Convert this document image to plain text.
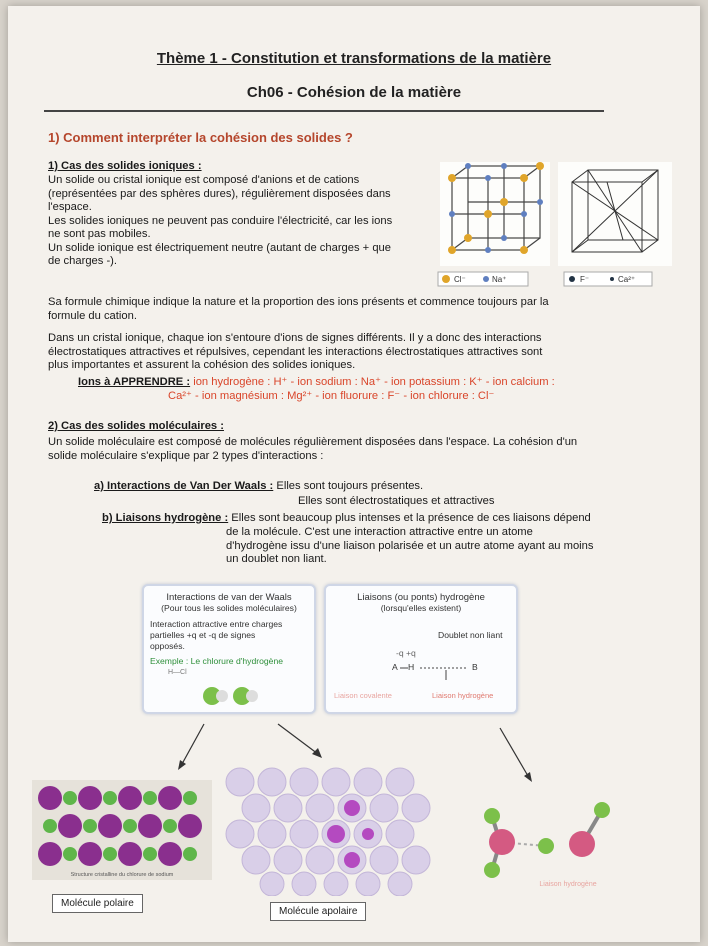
Thème 1 - Constitution et transformations de la matière
Ch06 - Cohésion de la matière
1) Comment interpréter la cohésion des solides ?
1) Cas des solides ioniques :
Un solide ou cristal ionique est composé d'anions et de cations
(représentées par des sphères dures), régulièrement disposées dans
l'espace.
Les solides ioniques ne peuvent pas conduire l'électricité, car les ions
ne sont pas mobiles.
Un solide ionique est électriquement neutre (autant de charges + que
de charges -).
Cl⁻	Na⁺	F⁻	Ca²⁺
Sa formule chimique indique la nature et la proportion des ions présents et commence toujours par la
formule du cation.
Dans un cristal ionique, chaque ion s'entoure d'ions de signes différents. Il y a donc des interactions
électrostatiques attractives et répulsives, cependant les interactions électrostatiques attractives sont
plus importantes et assurent la cohésion des solides ioniques.
Ions à APPRENDRE : ion hydrogène : H⁺ - ion sodium : Na⁺ - ion potassium : K⁺ - ion calcium :
Ca²⁺ - ion magnésium : Mg²⁺ - ion fluorure : F⁻ - ion chlorure : Cl⁻
2) Cas des solides moléculaires :
Un solide moléculaire est composé de molécules régulièrement disposées dans l'espace. La cohésion d'un
solide moléculaire s'explique par 2 types d'interactions :
a) Interactions de Van Der Waals : Elles sont toujours présentes.
Elles sont électrostatiques et attractives
b) Liaisons hydrogène : Elles sont beaucoup plus intenses et la présence de ces liaisons dépend
de la molécule. C'est une interaction attractive entre un atome
d'hydrogène issu d'une liaison polarisée et un autre atome ayant au moins
un doublet non liant.
Interactions de van der Waals
(Pour tous les solides moléculaires)
Interaction attractive entre charges
partielles +q et -q de signes
opposés.
Exemple : Le chlorure d'hydrogène
H—Cl
Liaisons (ou ponts) hydrogène
(lorsqu'elles existent)
Doublet non liant
-q +q
A H	B
Liaison covalente	Liaison hydrogène
Structure cristalline du chlorure de sodium
Liaison hydrogène
Molécule polaire
Molécule apolaire
